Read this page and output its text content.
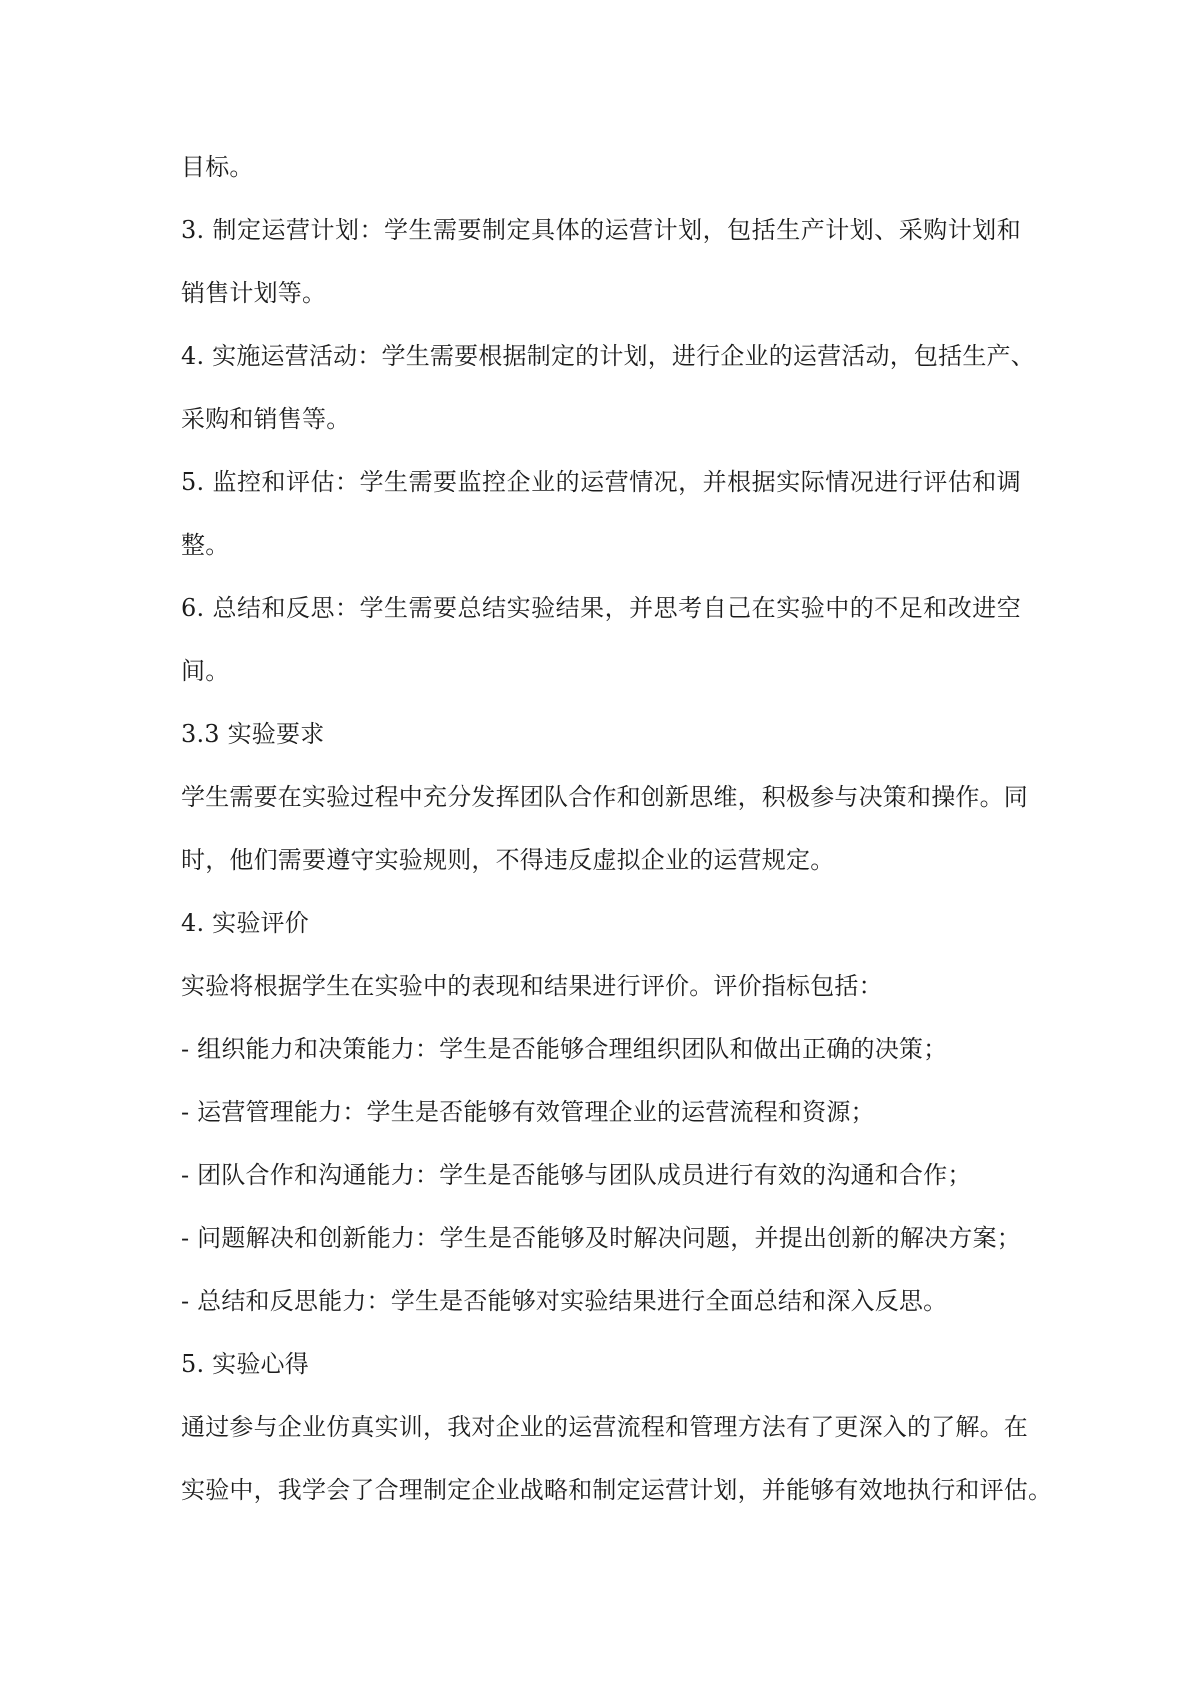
目标。
3. 制定运营计划：学生需要制定具体的运营计划，包括生产计划、采购计划和
销售计划等。
4. 实施运营活动：学生需要根据制定的计划，进行企业的运营活动，包括生产、
采购和销售等。
5. 监控和评估：学生需要监控企业的运营情况，并根据实际情况进行评估和调
整。
6. 总结和反思：学生需要总结实验结果，并思考自己在实验中的不足和改进空
间。
3.3 实验要求
学生需要在实验过程中充分发挥团队合作和创新思维，积极参与决策和操作。同
时，他们需要遵守实验规则，不得违反虚拟企业的运营规定。
4. 实验评价
实验将根据学生在实验中的表现和结果进行评价。评价指标包括：
- 组织能力和决策能力：学生是否能够合理组织团队和做出正确的决策；
- 运营管理能力：学生是否能够有效管理企业的运营流程和资源；
- 团队合作和沟通能力：学生是否能够与团队成员进行有效的沟通和合作；
- 问题解决和创新能力：学生是否能够及时解决问题，并提出创新的解决方案；
- 总结和反思能力：学生是否能够对实验结果进行全面总结和深入反思。
5. 实验心得
通过参与企业仿真实训，我对企业的运营流程和管理方法有了更深入的了解。在
实验中，我学会了合理制定企业战略和制定运营计划，并能够有效地执行和评估。
